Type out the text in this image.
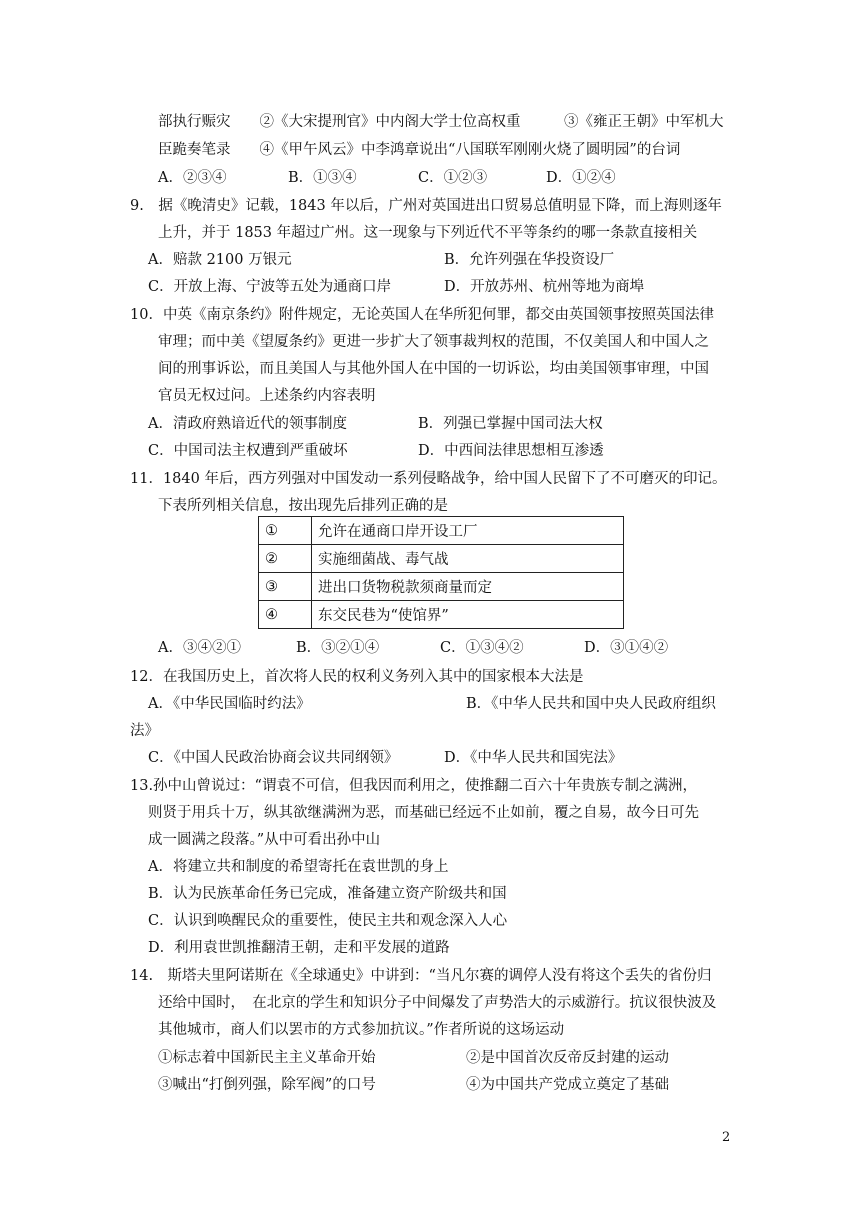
部执行赈灾　　②《大宋提刑官》中内阁大学士位高权重　　　③《雍正王朝》中军机大
臣跪奏笔录　　④《甲午风云》中李鸿章说出“八国联军刚刚火烧了圆明园”的台词
A．②③④	B．①③④	C．①②③	D．①②④
9.　据《晚清史》记载，1843 年以后，广州对英国进出口贸易总值明显下降，而上海则逐年
上升，并于 1853 年超过广州。这一现象与下列近代不平等条约的哪一条款直接相关
A．赔款 2100 万银元	B．允许列强在华投资设厂
C．开放上海、宁波等五处为通商口岸	D．开放苏州、杭州等地为商埠
10．中英《南京条约》附件规定，无论英国人在华所犯何罪，都交由英国领事按照英国法律
审理；而中美《望厦条约》更进一步扩大了领事裁判权的范围，不仅美国人和中国人之
间的刑事诉讼，而且美国人与其他外国人在中国的一切诉讼，均由美国领事审理，中国
官员无权过问。上述条约内容表明
A．清政府熟谙近代的领事制度	B．列强已掌握中国司法大权
C．中国司法主权遭到严重破坏	D．中西间法律思想相互渗透
11．1840 年后，西方列强对中国发动一系列侵略战争，给中国人民留下了不可磨灭的印记。
下表所列相关信息，按出现先后排列正确的是
①	允许在通商口岸开设工厂
②	实施细菌战、毒气战
③	进出口货物税款须商量而定
④	东交民巷为“使馆界”
A．③④②①	B．③②①④	C．①③④②	D．③①④②
12．在我国历史上，首次将人民的权利义务列入其中的国家根本大法是
A．《中华民国临时约法》	B．《中华人民共和国中央人民政府组织
法》
C．《中国人民政治协商会议共同纲领》	D．《中华人民共和国宪法》
13.孙中山曾说过：“谓袁不可信，但我因而利用之，使推翻二百六十年贵族专制之满洲，
则贤于用兵十万，纵其欲继满洲为恶，而基础已经远不止如前，覆之自易，故今日可先
成一圆满之段落。”从中可看出孙中山
A．将建立共和制度的希望寄托在袁世凯的身上
B．认为民族革命任务已完成，准备建立资产阶级共和国
C．认识到唤醒民众的重要性，使民主共和观念深入人心
D．利用袁世凯推翻清王朝，走和平发展的道路
14.　斯塔夫里阿诺斯在《全球通史》中讲到：“当凡尔赛的调停人没有将这个丢失的省份归
还给中国时，　在北京的学生和知识分子中间爆发了声势浩大的示威游行。抗议很快波及
其他城市，商人们以罢市的方式参加抗议。”作者所说的这场运动
①标志着中国新民主主义革命开始	②是中国首次反帝反封建的运动
③喊出“打倒列强，除军阀”的口号	④为中国共产党成立奠定了基础
2
